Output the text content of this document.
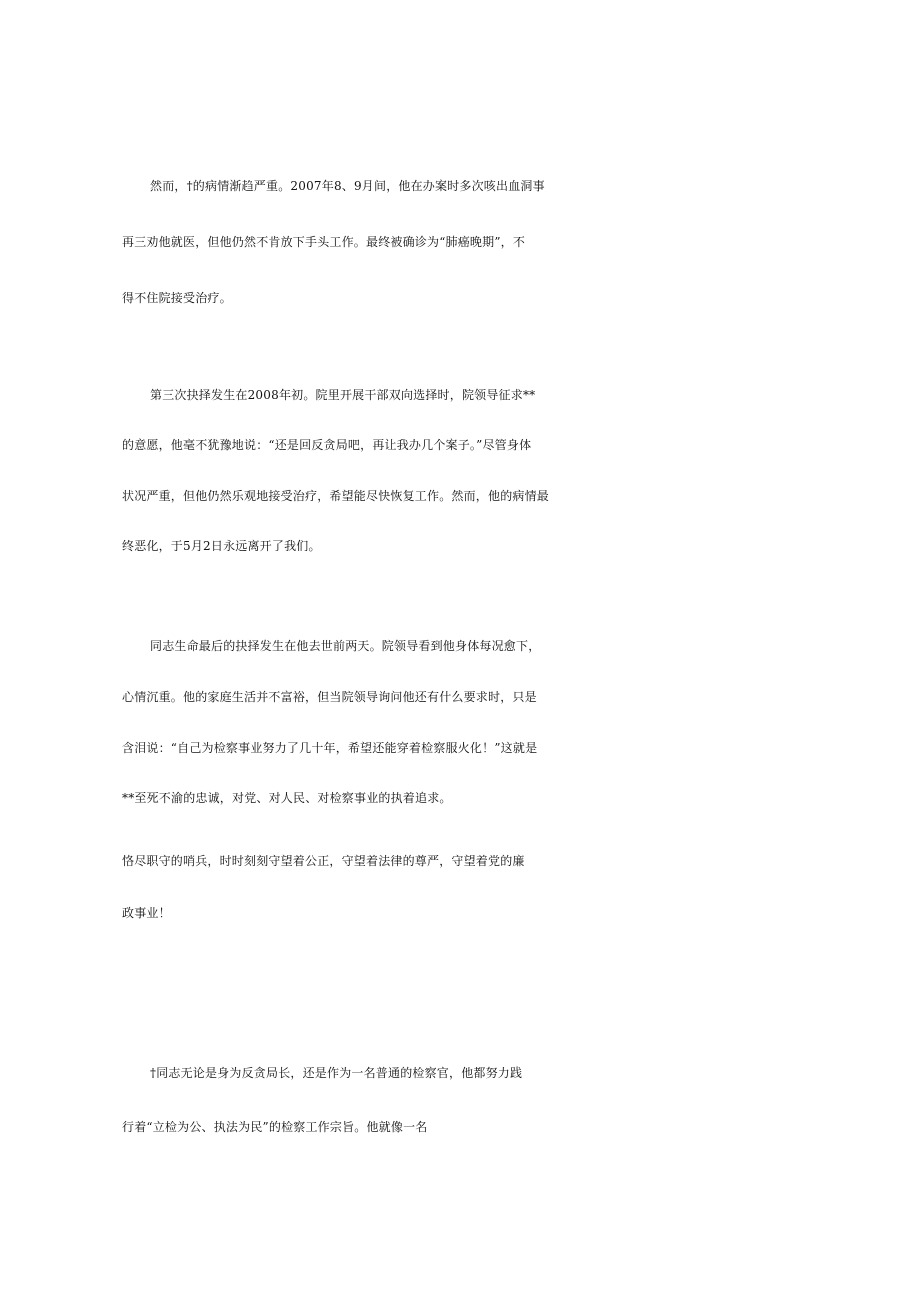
然而，†的病情渐趋严重。2007年8、9月间，他在办案时多次咳出血洞事
再三劝他就医，但他仍然不肯放下手头工作。最终被确诊为“肺癌晚期”，不
得不住院接受治疗。
第三次抉择发生在2008年初。院里开展干部双向选择时，院领导征求**
的意愿，他毫不犹豫地说：“还是回反贪局吧，再让我办几个案子。”尽管身体
状况严重，但他仍然乐观地接受治疗，希望能尽快恢复工作。然而，他的病情最
终恶化，于5月2日永远离开了我们。
同志生命最后的抉择发生在他去世前两天。院领导看到他身体每况愈下，
心情沉重。他的家庭生活并不富裕，但当院领导询问他还有什么要求时，只是
含泪说：“自己为检察事业努力了几十年，希望还能穿着检察服火化！”这就是
**至死不渝的忠诚，对党、对人民、对检察事业的执着追求。
恪尽职守的哨兵，时时刻刻守望着公正，守望着法律的尊严，守望着党的廉
政事业！
†同志无论是身为反贪局长，还是作为一名普通的检察官，他都努力践
行着“立检为公、执法为民”的检察工作宗旨。他就像一名
